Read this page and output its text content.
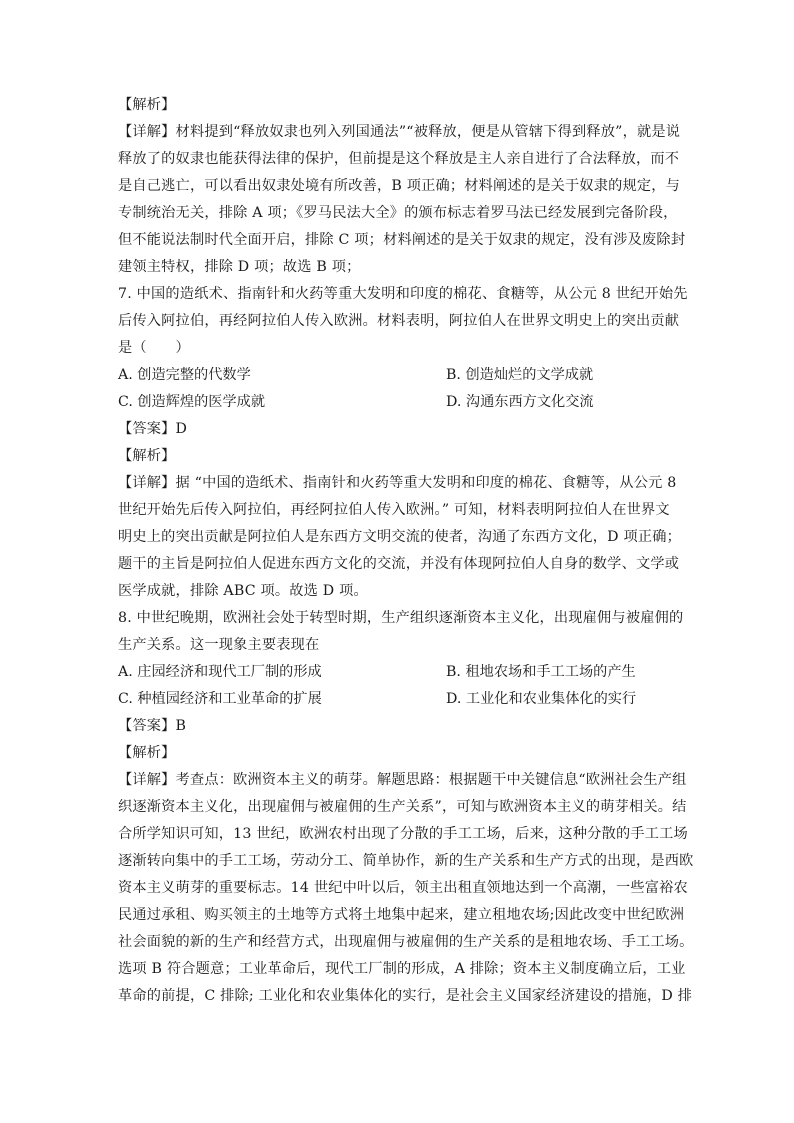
【解析】
【详解】材料提到“释放奴隶也列入列国通法”“被释放，便是从管辖下得到释放”，就是说
释放了的奴隶也能获得法律的保护，但前提是这个释放是主人亲自进行了合法释放，而不
是自己逃亡，可以看出奴隶处境有所改善，B 项正确；材料阐述的是关于奴隶的规定，与
专制统治无关，排除 A 项；《罗马民法大全》的颁布标志着罗马法已经发展到完备阶段，
但不能说法制时代全面开启，排除 C 项；材料阐述的是关于奴隶的规定，没有涉及废除封
建领主特权，排除 D 项；故选 B 项；
7. 中国的造纸术、指南针和火药等重大发明和印度的棉花、食糖等，从公元 8 世纪开始先
后传入阿拉伯，再经阿拉伯人传入欧洲。材料表明，阿拉伯人在世界文明史上的突出贡献
是（　　）
A. 创造完整的代数学	B. 创造灿烂的文学成就
C. 创造辉煌的医学成就	D. 沟通东西方文化交流
【答案】D
【解析】
【详解】据 “中国的造纸术、指南针和火药等重大发明和印度的棉花、食糖等，从公元 8
世纪开始先后传入阿拉伯，再经阿拉伯人传入欧洲。” 可知，材料表明阿拉伯人在世界文
明史上的突出贡献是阿拉伯人是东西方文明交流的使者，沟通了东西方文化，D 项正确；
题干的主旨是阿拉伯人促进东西方文化的交流，并没有体现阿拉伯人自身的数学、文学或
医学成就，排除 ABC 项。故选 D 项。
8. 中世纪晚期，欧洲社会处于转型时期，生产组织逐渐资本主义化，出现雇佣与被雇佣的
生产关系。这一现象主要表现在
A. 庄园经济和现代工厂制的形成	B. 租地农场和手工工场的产生
C. 种植园经济和工业革命的扩展	D. 工业化和农业集体化的实行
【答案】B
【解析】
【详解】考查点：欧洲资本主义的萌芽。解题思路：根据题干中关键信息“欧洲社会生产组
织逐渐资本主义化，出现雇佣与被雇佣的生产关系”，可知与欧洲资本主义的萌芽相关。结
合所学知识可知，13 世纪，欧洲农村出现了分散的手工工场，后来，这种分散的手工工场
逐渐转向集中的手工工场，劳动分工、简单协作，新的生产关系和生产方式的出现，是西欧
资本主义萌芽的重要标志。14 世纪中叶以后，领主出租直领地达到一个高潮，一些富裕农
民通过承租、购买领主的土地等方式将土地集中起来，建立租地农场;因此改变中世纪欧洲
社会面貌的新的生产和经营方式，出现雇佣与被雇佣的生产关系的是租地农场、手工工场。
选项 B 符合题意；工业革命后，现代工厂制的形成，A 排除；资本主义制度确立后，工业
革命的前提，C 排除; 工业化和农业集体化的实行，是社会主义国家经济建设的措施，D 排
